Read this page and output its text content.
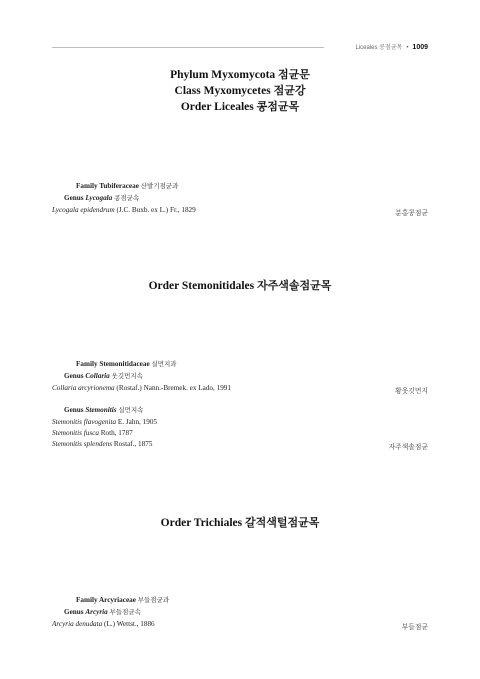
Liceales 콩점균목 • 1009
Phylum Myxomycota 점균문
Class Myxomycetes 점균강
Order Liceales 콩점균목
Family Tubiferaceae 산발기점균과
Genus Lycogala 콩점균속
Lycogala epidendrum (J.C. Buxb. ex L.) Fr., 1829	분홍콩점균
Order Stemonitidales 자주색솔점균목
Family Stemonitidaceae 실먼지과
Genus Collaria 웃깃먼지속
Collaria arcyrionema (Rostaf.) Nann.-Bremek. ex Lado, 1991	황웃깃먼지
Genus Stemonitis 실먼지속
Stemonitis flavogenita E. Jahn, 1905
Stemonitis fusca Roth, 1787
Stemonitis splendens Rostaf., 1875	자주색솔점균
Order Trichiales 갈적색털점균목
Family Arcyriaceae 부들점균과
Genus Arcyria 부들점균속
Arcyria denudata (L.) Wettst., 1886	부들점균
